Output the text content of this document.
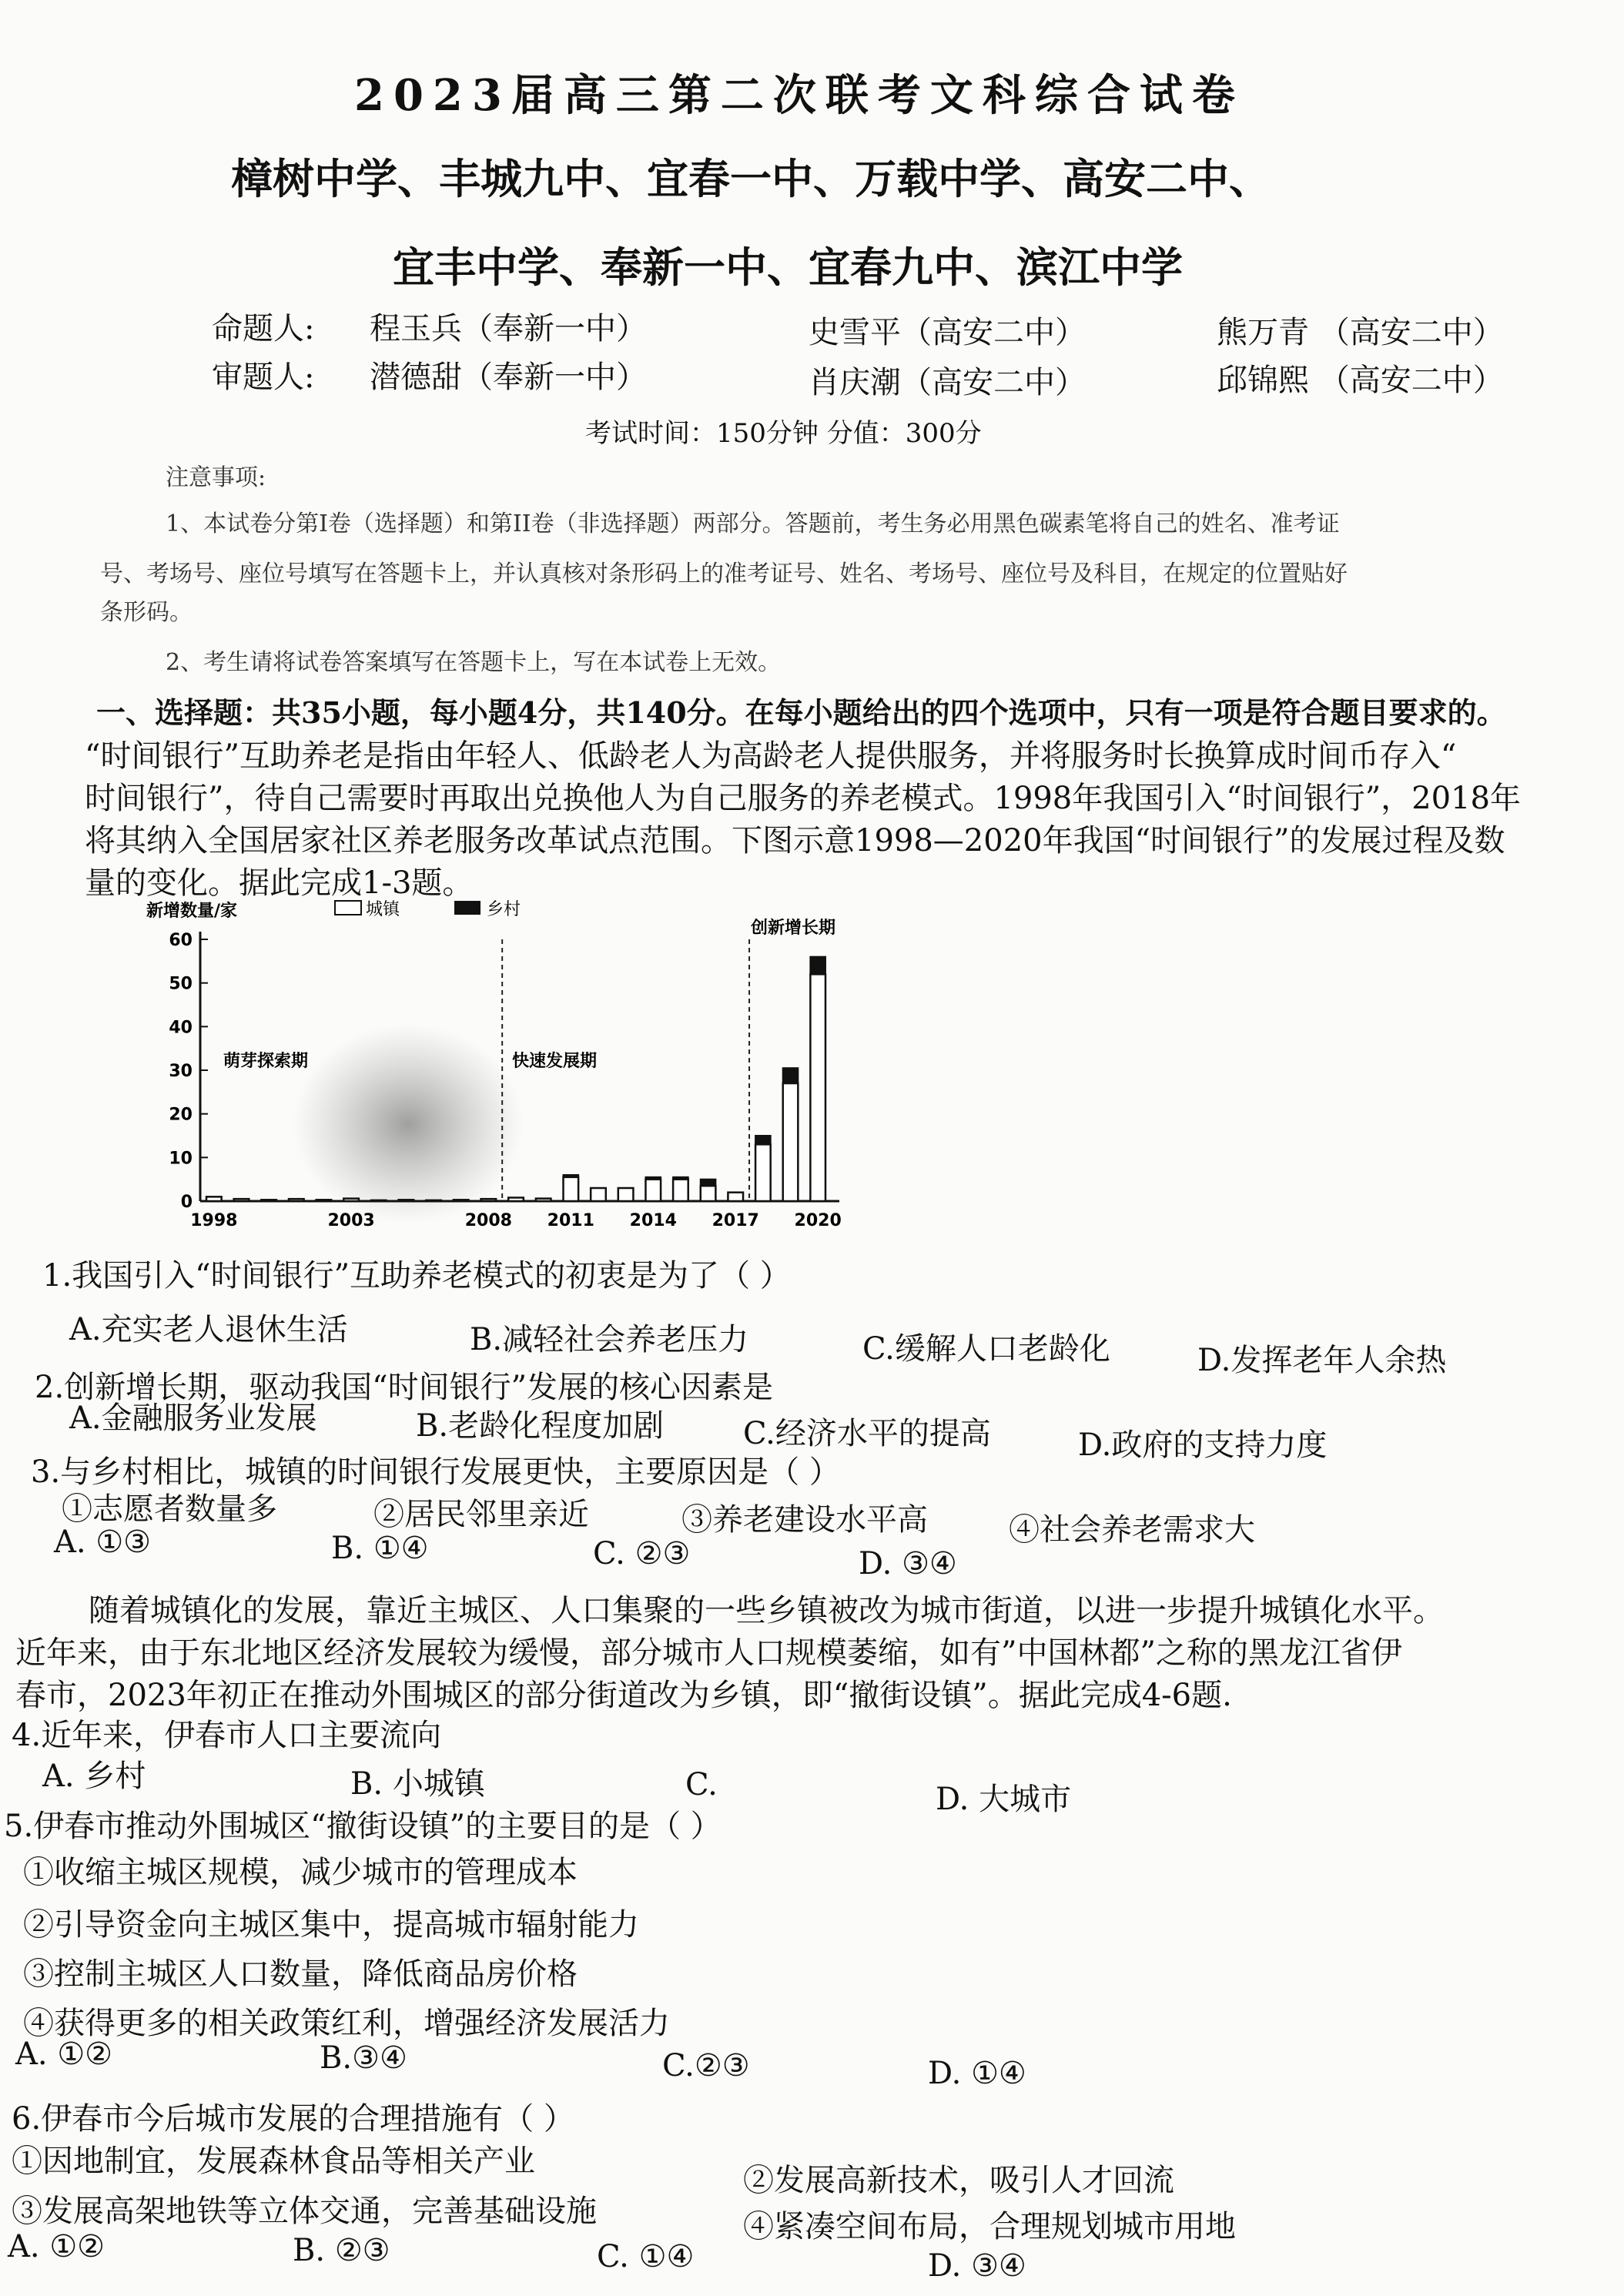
2023届高三第二次联考文科综合试卷
樟树中学、丰城九中、宜春一中、万载中学、高安二中、
宜丰中学、奉新一中、宜春九中、滨江中学
命题人: 程玉兵（奉新一中）	史雪平（高安二中）	熊万青 （高安二中）
审题人: 潜德甜（奉新一中）	肖庆潮（高安二中）	邱锦熙 （高安二中）
考试时间：150分钟 分值：300分
注意事项:
1、本试卷分第I卷（选择题）和第II卷（非选择题）两部分。答题前，考生务必用黑色碳素笔将自己的姓名、准考证
号、考场号、座位号填写在答题卡上，并认真核对条形码上的准考证号、姓名、考场号、座位号及科目，在规定的位置贴好
条形码。
2、考生请将试卷答案填写在答题卡上，写在本试卷上无效。
一、选择题：共35小题，每小题4分，共140分。在每小题给出的四个选项中，只有一项是符合题目要求的。
“时间银行”互助养老是指由年轻人、低龄老人为高龄老人提供服务，并将服务时长换算成时间币存入“
时间银行”，待自己需要时再取出兑换他人为自己服务的养老模式。1998年我国引入“时间银行”，2018年
将其纳入全国居家社区养老服务改革试点范围。下图示意1998—2020年我国“时间银行”的发展过程及数
量的变化。据此完成1-3题。
新增数量/家	城镇	乡村
创新增长期
萌芽探索期	快速发展期
0
10
20
30
40
50
60
1998	2003	2008 2011 2014 2017 2020
1.我国引入“时间银行”互助养老模式的初衷是为了（ ）
A.充实老人退休生活	B.减轻社会养老压力	C.缓解人口老龄化	D.发挥老年人余热
2.创新增长期，驱动我国“时间银行”发展的核心因素是
A.金融服务业发展	B.老龄化程度加剧	C.经济水平的提高	D.政府的支持力度
3.与乡村相比，城镇的时间银行发展更快，主要原因是（ ）
①志愿者数量多	②居民邻里亲近	③养老建设水平高	④社会养老需求大
A. ①③	B. ①④	C. ②③	D. ③④
随着城镇化的发展，靠近主城区、人口集聚的一些乡镇被改为城市街道，以进一步提升城镇化水平。
近年来，由于东北地区经济发展较为缓慢，部分城市人口规模萎缩，如有”中国林都”之称的黑龙江省伊
春市，2023年初正在推动外围城区的部分街道改为乡镇，即“撤街设镇”。据此完成4-6题.
4.近年来，伊春市人口主要流向
A. 乡村	B. 小城镇	C.	D. 大城市
5.伊春市推动外围城区“撤街设镇”的主要目的是（ ）
①收缩主城区规模，减少城市的管理成本
②引导资金向主城区集中，提高城市辐射能力
③控制主城区人口数量，降低商品房价格
④获得更多的相关政策红利，增强经济发展活力
A. ①②	B.③④	C.②③	D. ①④
6.伊春市今后城市发展的合理措施有（ ）
①因地制宜，发展森林食品等相关产业
②发展高新技术，吸引人才回流
③发展高架地铁等立体交通，完善基础设施	④紧凑空间布局，合理规划城市用地
A. ①②	B. ②③	C. ①④	D. ③④
